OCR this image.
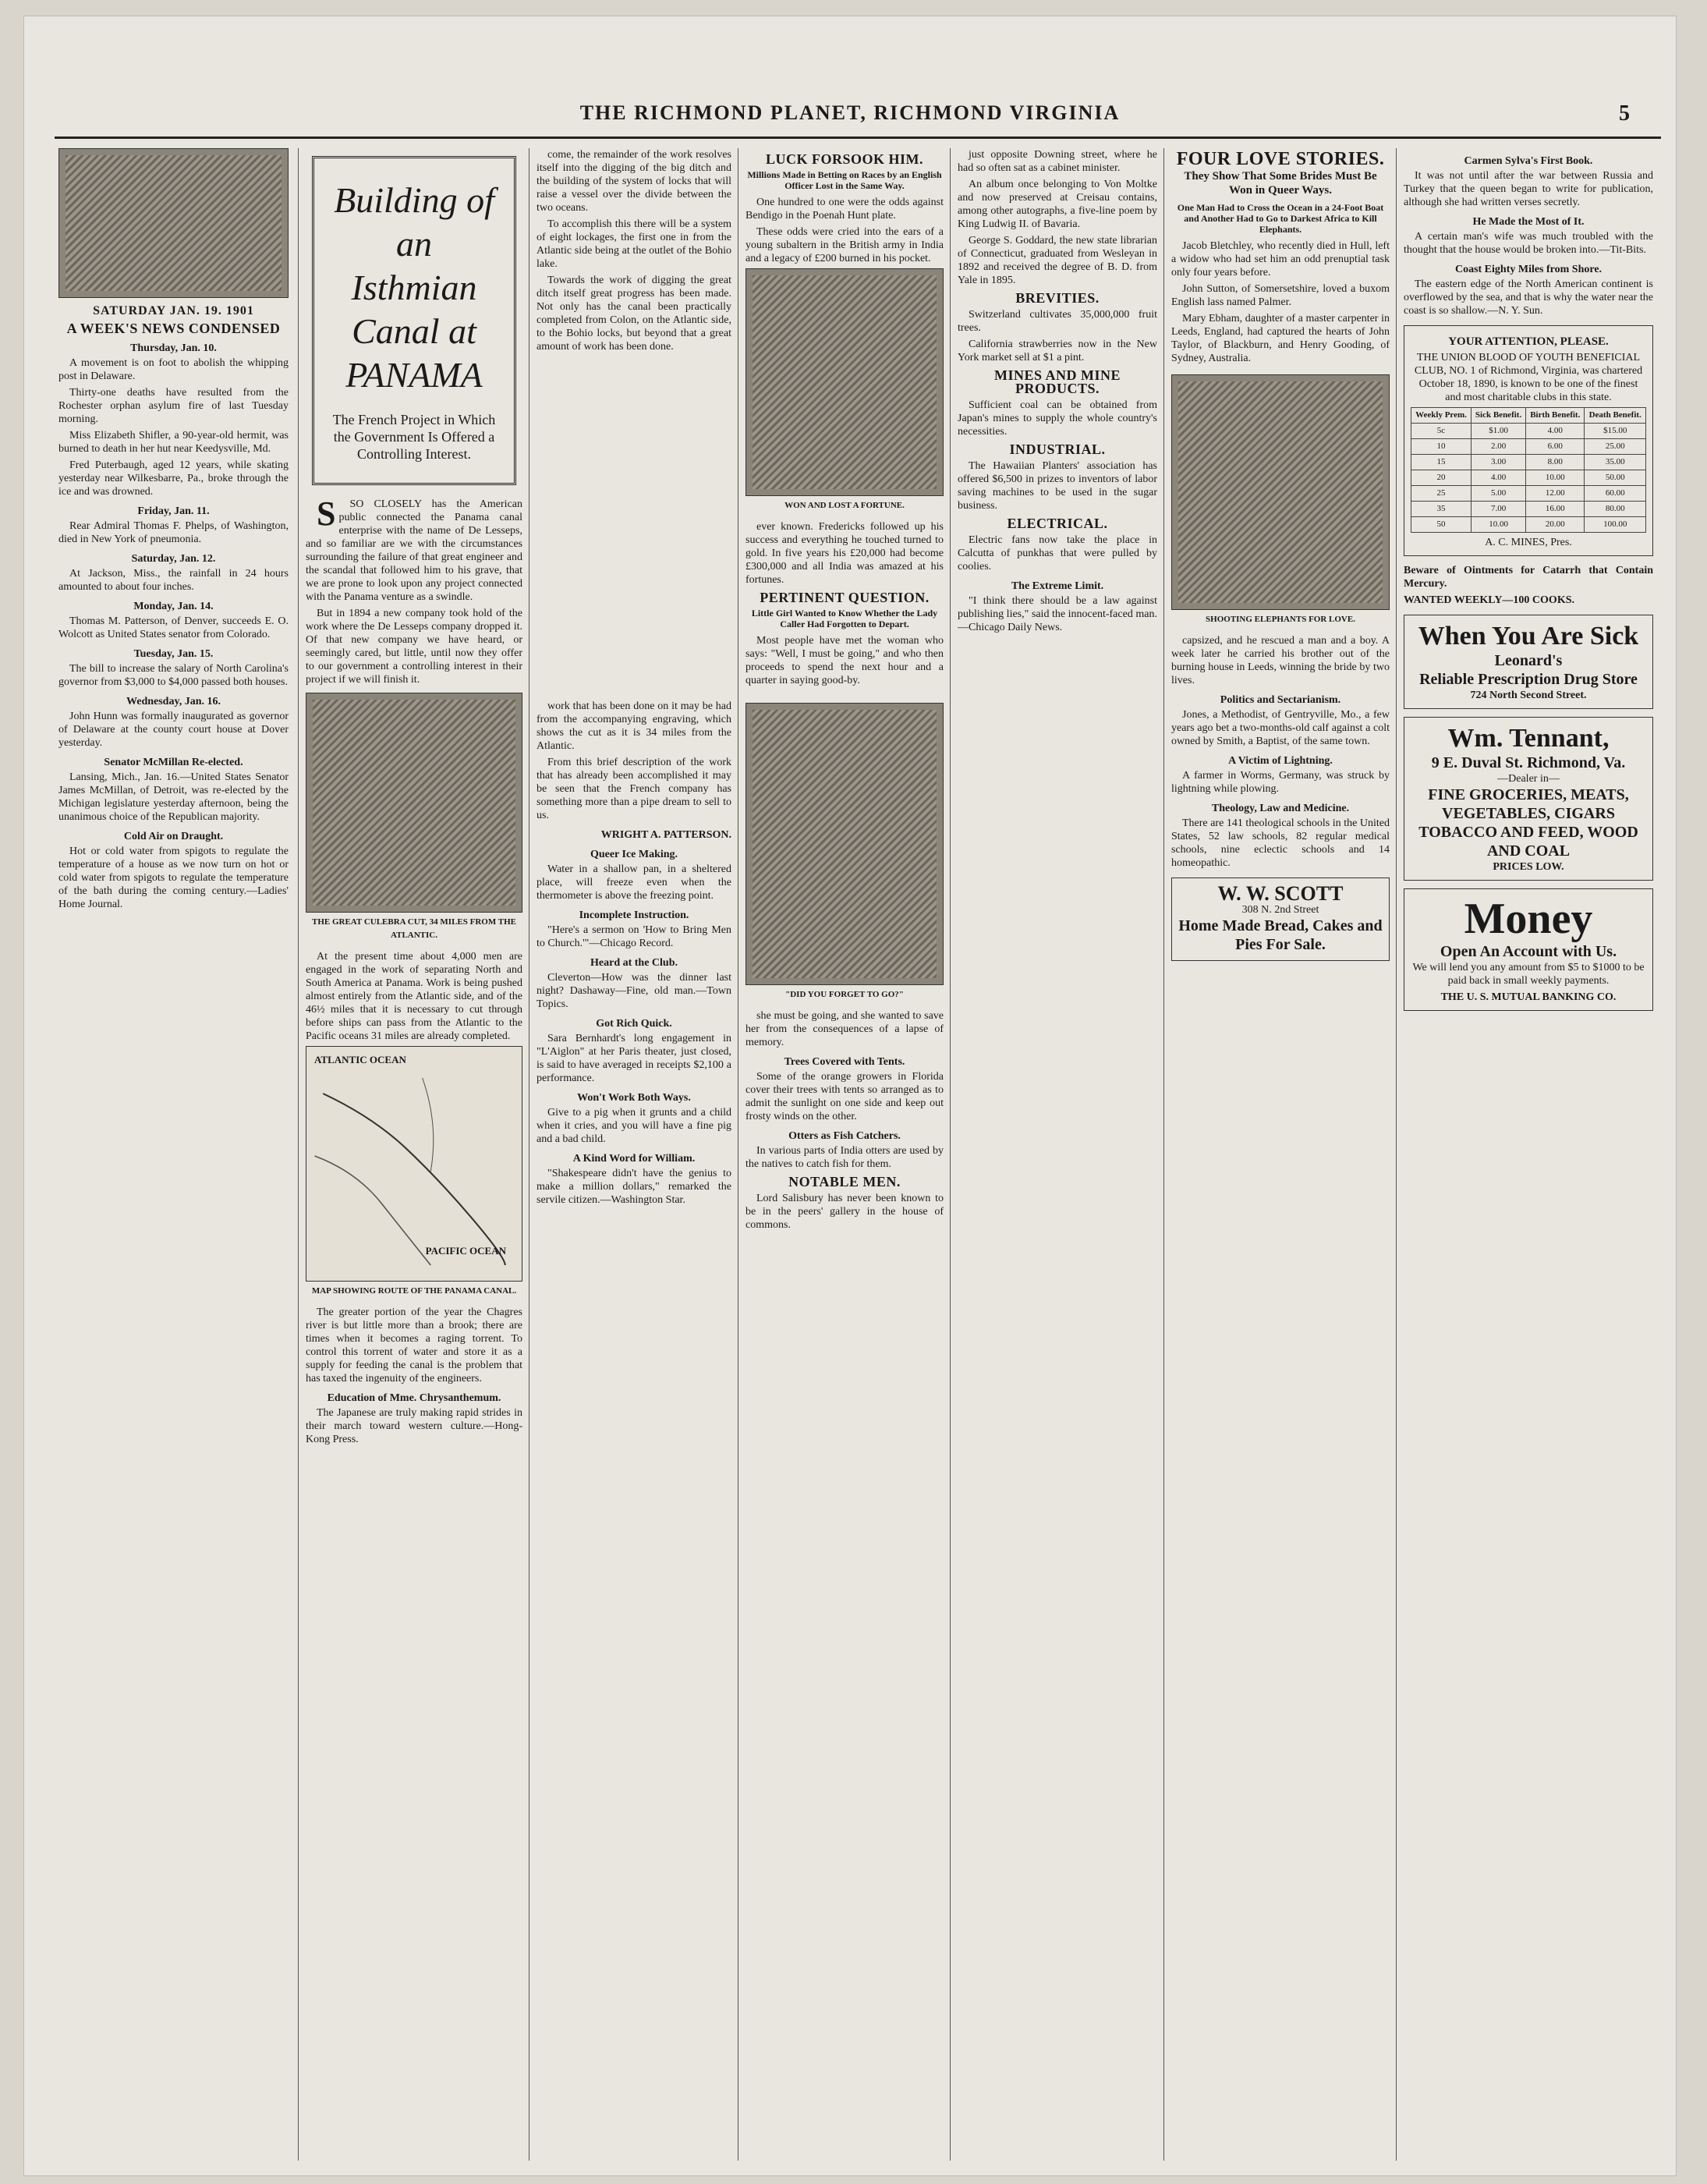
THE RICHMOND PLANET, RICHMOND VIRGINIA	5
SATURDAY JAN. 19. 1901
A WEEK'S NEWS CONDENSED
Thursday, Jan. 10.

A movement is on foot to abolish the whipping post in Delaware.

Thirty-one deaths have resulted from the Rochester orphan asylum fire of last Tuesday morning.

Miss Elizabeth Shifler, a 90-year-old hermit, was burned to death in her hut near Keedysville, Md.

Fred Puterbaugh, aged 12 years, while skating yesterday near Wilkesbarre, Pa., broke through the ice and was drowned.

Friday, Jan. 11.

Rear Admiral Thomas F. Phelps, of Washington, died in New York of pneumonia.

Saturday, Jan. 12.

At Jackson, Miss., the rainfall in 24 hours amounted to about four inches.

Monday, Jan. 14.

Thomas M. Patterson, of Denver, succeeds E. O. Wolcott as United States senator from Colorado.

Tuesday, Jan. 15.

The bill to increase the salary of North Carolina's governor from $3,000 to $4,000 passed both houses.

Wednesday, Jan. 16.

John Hunn was formally inaugurated as governor of Delaware at the county court house at Dover yesterday.

Senator McMillan Re-elected.

Lansing, Mich., Jan. 16.—United States Senator James McMillan, of Detroit, was re-elected by the Michigan legislature yesterday afternoon, being the unanimous choice of the Republican majority.

Cold Air on Draught.

Hot or cold water from spigots to regulate the temperature of a house as we now turn on hot or cold water from spigots to regulate the temperature of the bath during the coming century.—Ladies' Home Journal.

Building of an Isthmian
Canal at PANAMA
The French Project in Which the Government Is Offered a Controlling Interest.

S SO CLOSELY has the American public connected the Panama canal enterprise with the name of De Lesseps, and so familiar are we with the circumstances surrounding the failure of that great engineer and the scandal that followed him to his grave, that we are prone to look upon any project connected with the Panama venture as a swindle.

But in 1894 a new company took hold of the work where the De Lesseps company dropped it. Of that new company we have heard, or seemingly cared, but little, until now they offer to our government a controlling interest in their project if we will finish it.

THE GREAT CULEBRA CUT, 34 MILES FROM THE ATLANTIC.

At the present time about 4,000 men are engaged in the work of separating North and South America at Panama. Work is being pushed almost entirely from the Atlantic side, and of the 46½ miles that it is necessary to cut through before ships can pass from the Atlantic to the Pacific oceans 31 miles are already completed.

ATLANTIC OCEAN
PACIFIC OCEAN
MAP SHOWING ROUTE OF THE PANAMA CANAL.

The greater portion of the year the Chagres river is but little more than a brook; there are times when it becomes a raging torrent. To control this torrent of water and store it as a supply for feeding the canal is the problem that has taxed the ingenuity of the engineers.

Education of Mme. Chrysanthemum.

The Japanese are truly making rapid strides in their march toward western culture.—Hong-Kong Press.

come, the remainder of the work resolves itself into the digging of the big ditch and the building of the system of locks that will raise a vessel over the divide between the two oceans.

To accomplish this there will be a system of eight lockages, the first one in from the Atlantic side being at the outlet of the Bohio lake.

Towards the work of digging the great ditch itself great progress has been made. Not only has the canal been practically completed from Colon, on the Atlantic side, to the Bohio locks, but beyond that a great amount of work has been done.

work that has been done on it may be had from the accompanying engraving, which shows the cut as it is 34 miles from the Atlantic.

From this brief description of the work that has already been accomplished it may be seen that the French company has something more than a pipe dream to sell to us.

WRIGHT A. PATTERSON.
Queer Ice Making.

Water in a shallow pan, in a sheltered place, will freeze even when the thermometer is above the freezing point.

Incomplete Instruction.

"Here's a sermon on 'How to Bring Men to Church.'"—Chicago Record.

Heard at the Club.

Cleverton—How was the dinner last night? Dashaway—Fine, old man.—Town Topics.

Got Rich Quick.

Sara Bernhardt's long engagement in "L'Aiglon" at her Paris theater, just closed, is said to have averaged in receipts $2,100 a performance.

Won't Work Both Ways.

Give to a pig when it grunts and a child when it cries, and you will have a fine pig and a bad child.

A Kind Word for William.

"Shakespeare didn't have the genius to make a million dollars," remarked the servile citizen.—Washington Star.

LUCK FORSOOK HIM.
Millions Made in Betting on Races by an English Officer Lost in the Same Way.

One hundred to one were the odds against Bendigo in the Poenah Hunt plate.

These odds were cried into the ears of a young subaltern in the British army in India and a legacy of £200 burned in his pocket.

WON AND LOST A FORTUNE.

ever known. Fredericks followed up his success and everything he touched turned to gold. In five years his £20,000 had become £300,000 and all India was amazed at his fortunes.

PERTINENT QUESTION.
Little Girl Wanted to Know Whether the Lady Caller Had Forgotten to Depart.

Most people have met the woman who says: "Well, I must be going," and who then proceeds to spend the next hour and a quarter in saying good-by.

"DID YOU FORGET TO GO?"

she must be going, and she wanted to save her from the consequences of a lapse of memory.

Trees Covered with Tents.

Some of the orange growers in Florida cover their trees with tents so arranged as to admit the sunlight on one side and keep out frosty winds on the other.

Otters as Fish Catchers.

In various parts of India otters are used by the natives to catch fish for them.

NOTABLE MEN.

Lord Salisbury has never been known to be in the peers' gallery in the house of commons.

just opposite Downing street, where he had so often sat as a cabinet minister.

An album once belonging to Von Moltke and now preserved at Creisau contains, among other autographs, a five-line poem by King Ludwig II. of Bavaria.

George S. Goddard, the new state librarian of Connecticut, graduated from Wesleyan in 1892 and received the degree of B. D. from Yale in 1895.

BREVITIES.

Switzerland cultivates 35,000,000 fruit trees.

California strawberries now in the New York market sell at $1 a pint.

MINES AND MINE PRODUCTS.

Sufficient coal can be obtained from Japan's mines to supply the whole country's necessities.

INDUSTRIAL.

The Hawaiian Planters' association has offered $6,500 in prizes to inventors of labor saving machines to be used in the sugar business.

ELECTRICAL.

Electric fans now take the place in Calcutta of punkhas that were pulled by coolies.

The Extreme Limit.

"I think there should be a law against publishing lies," said the innocent-faced man.—Chicago Daily News.

FOUR LOVE STORIES.
They Show That Some Brides Must Be Won in Queer Ways.
One Man Had to Cross the Ocean in a 24-Foot Boat and Another Had to Go to Darkest Africa to Kill Elephants.

Jacob Bletchley, who recently died in Hull, left a widow who had set him an odd prenuptial task only four years before.

John Sutton, of Somersetshire, loved a buxom English lass named Palmer.

Mary Ebham, daughter of a master carpenter in Leeds, England, had captured the hearts of John Taylor, of Blackburn, and Henry Gooding, of Sydney, Australia.

SHOOTING ELEPHANTS FOR LOVE.

capsized, and he rescued a man and a boy. A week later he carried his brother out of the burning house in Leeds, winning the bride by two lives.

Politics and Sectarianism.

Jones, a Methodist, of Gentryville, Mo., a few years ago bet a two-months-old calf against a colt owned by Smith, a Baptist, of the same town.

A Victim of Lightning.

A farmer in Worms, Germany, was struck by lightning while plowing.

Theology, Law and Medicine.

There are 141 theological schools in the United States, 52 law schools, 82 regular medical schools, nine eclectic schools and 14 homeopathic.

W. W. SCOTT
308 N. 2nd Street
Home Made Bread, Cakes and Pies For Sale.
Carmen Sylva's First Book.

It was not until after the war between Russia and Turkey that the queen began to write for publication, although she had written verses secretly.

He Made the Most of It.

A certain man's wife was much troubled with the thought that the house would be broken into.—Tit-Bits.

Coast Eighty Miles from Shore.

The eastern edge of the North American continent is overflowed by the sea, and that is why the water near the coast is so shallow.—N. Y. Sun.

YOUR ATTENTION, PLEASE.

THE UNION BLOOD OF YOUTH BENEFICIAL CLUB, NO. 1 of Richmond, Virginia, was chartered October 18, 1890, is known to be one of the finest and most charitable clubs in this state.

Weekly Prem.	Sick Benefit.	Birth Benefit.	Death Benefit.
5c	$1.00	4.00	$15.00
10	2.00	6.00	25.00
15	3.00	8.00	35.00
20	4.00	10.00	50.00
25	5.00	12.00	60.00
35	7.00	16.00	80.00
50	10.00	20.00	100.00
A. C. MINES, Pres.

Beware of Ointments for Catarrh that Contain Mercury.

WANTED WEEKLY—100 COOKS.

When You Are Sick
Leonard's
Reliable Prescription Drug Store
724 North Second Street.
Wm. Tennant,
9 E. Duval St. Richmond, Va.
—Dealer in—
FINE GROCERIES, MEATS, VEGETABLES, CIGARS TOBACCO AND FEED, WOOD AND COAL
PRICES LOW.
Money
Open An Account with Us.

We will lend you any amount from $5 to $1000 to be paid back in small weekly payments.

THE U. S. MUTUAL BANKING CO.
